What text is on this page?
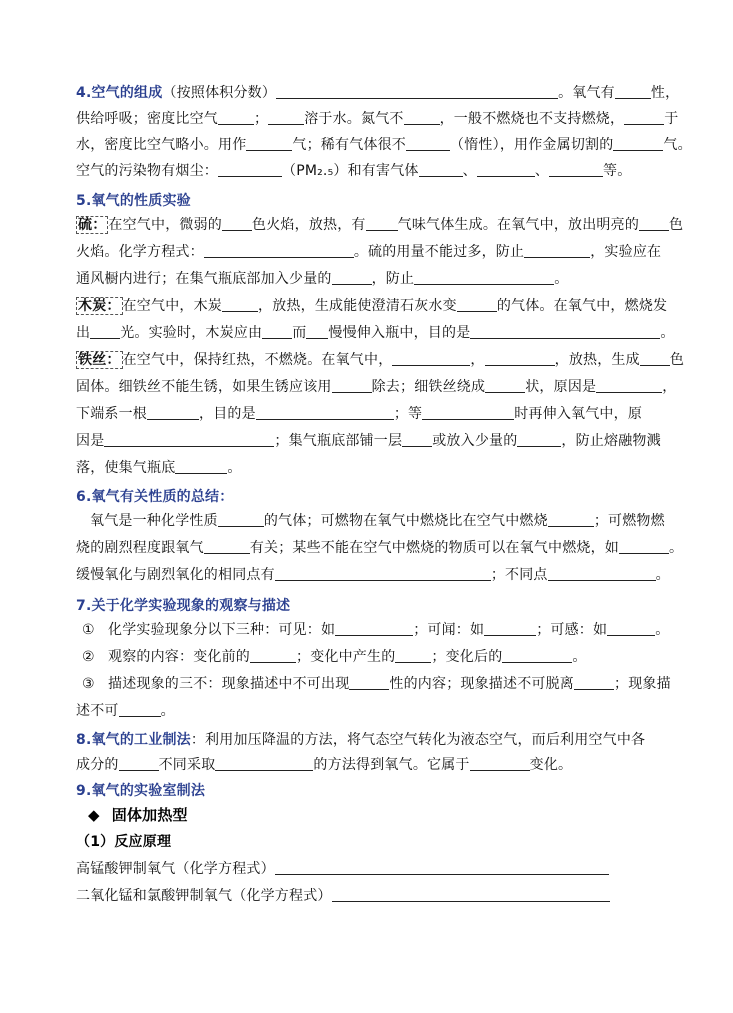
4.空气的组成（按照体积分数）	。氧气有	性，
供给呼吸；密度比空气	；	溶于水。氮气不	，一般不燃烧也不支持燃烧，	于
水，密度比空气略小。用作	气；稀有气体很不	（惰性），用作金属切割的	气。
空气的污染物有烟尘：	（PM₂.₅）和有害气体	、	、	等。
5.氧气的性质实验
硫： 在空气中，微弱的 色火焰，放热，有 气味气体生成。在氧气中，放出明亮的 色
火焰。化学方程式：	。硫的用量不能过多，防止	，实验应在
通风橱内进行；在集气瓶底部加入少量的	，防止	。
木炭： 在空气中，木炭	，放热，生成能使澄清石灰水变	的气体。在氧气中，燃烧发
出 光。实验时，木炭应由 而 慢慢伸入瓶中，目的是	。
铁丝： 在空气中，保持红热，不燃烧。在氧气中，	，	，放热，生成 色
固体。细铁丝不能生锈，如果生锈应该用	除去；细铁丝绕成	状，原因是	，
下端系一根	，目的是	；等	时再伸入氧气中，原
因是	；集气瓶底部铺一层 或放入少量的	，防止熔融物溅
落，使集气瓶底	。
6.氧气有关性质的总结：
氧气是一种化学性质	的气体；可燃物在氧气中燃烧比在空气中燃烧	；可燃物燃
烧的剧烈程度跟氧气	有关；某些不能在空气中燃烧的物质可以在氧气中燃烧，如	。
缓慢氧化与剧烈氧化的相同点有	；不同点	。
7.关于化学实验现象的观察与描述
① 化学实验现象分以下三种：可见：如	；可闻：如	；可感：如	。
② 观察的内容：变化前的	；变化中产生的	；变化后的	。
③ 描述现象的三不：现象描述中不可出现	性的内容；现象描述不可脱离	；现象描
述不可	。
8.氧气的工业制法：利用加压降温的方法，将气态空气转化为液态空气，而后利用空气中各
成分的	不同采取	的方法得到氧气。它属于	变化。
9.氧气的实验室制法
◆ 固体加热型
（1）反应原理
高锰酸钾制氧气（化学方程式）
二氧化锰和氯酸钾制氧气（化学方程式）
